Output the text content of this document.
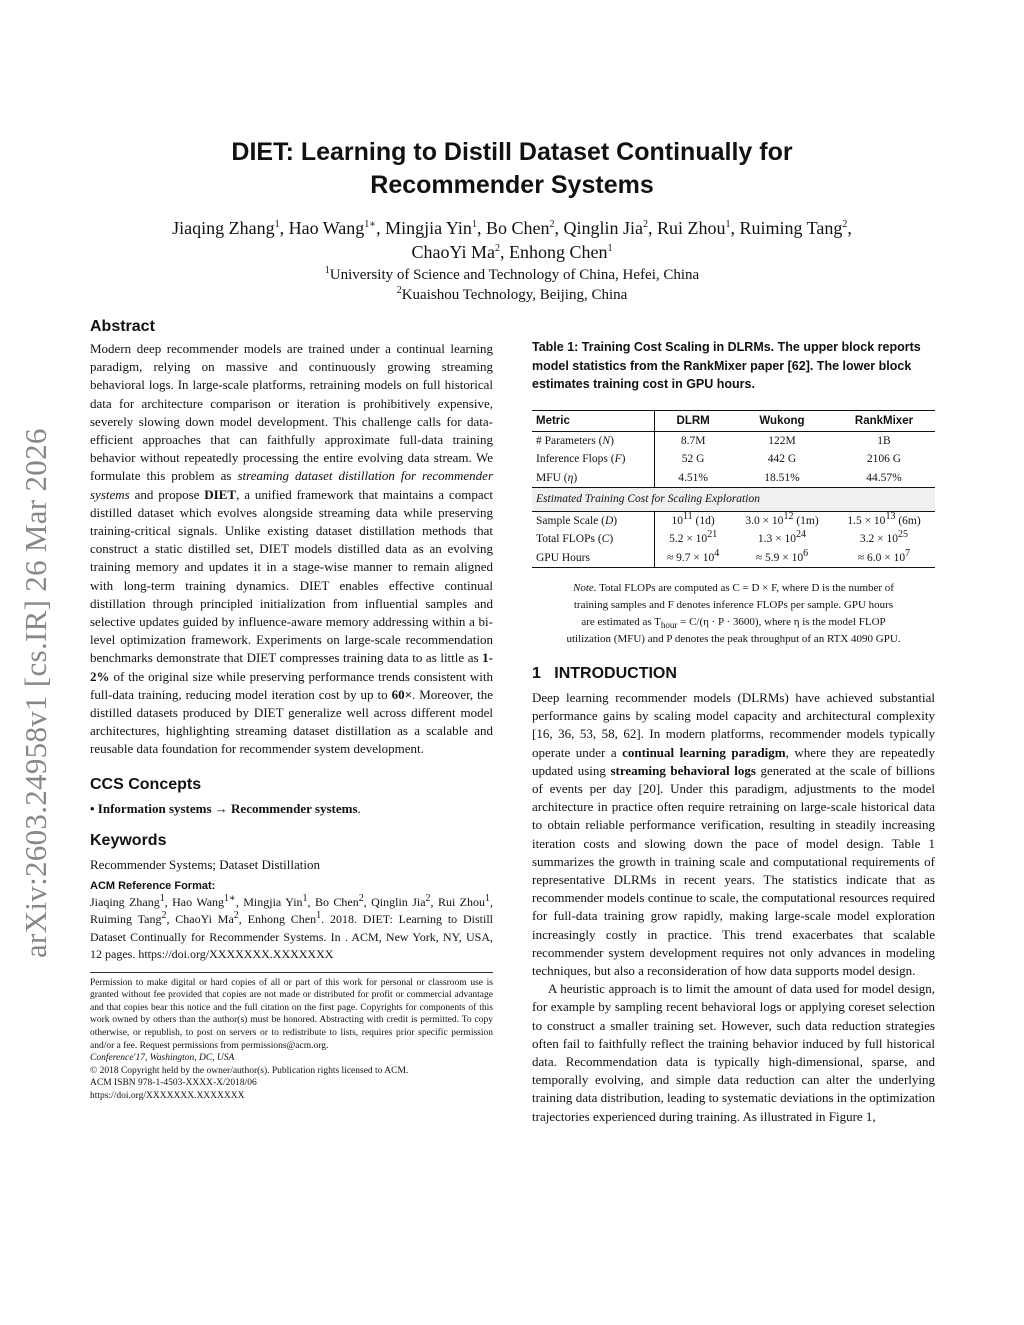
arXiv:2603.24958v1 [cs.IR] 26 Mar 2026
DIET: Learning to Distill Dataset Continually for
Recommender Systems
Jiaqing Zhang$^1$, Hao Wang$^{1∗}$, Mingjia Yin$^1$, Bo Chen$^2$, Qinglin Jia$^2$, Rui Zhou$^1$, Ruiming Tang$^2$,
ChaoYi Ma$^2$, Enhong Chen$^1$
$^1$University of Science and Technology of China, Hefei, China
$^2$Kuaishou Technology, Beijing, China
Abstract

Modern deep recommender models are trained under a continual learning paradigm, relying on massive and continuously growing streaming behavioral logs. In large-scale platforms, retraining models on full historical data for architecture comparison or iteration is prohibitively expensive, severely slowing down model development. This challenge calls for data-efficient approaches that can faithfully approximate full-data training behavior without repeatedly processing the entire evolving data stream. We formulate this problem as streaming dataset distillation for recommender systems and propose DIET, a unified framework that maintains a compact distilled dataset which evolves alongside streaming data while preserving training-critical signals. Unlike existing dataset distillation methods that construct a static distilled set, DIET models distilled data as an evolving training memory and updates it in a stage-wise manner to remain aligned with long-term training dynamics. DIET enables effective continual distillation through principled initialization from influential samples and selective updates guided by influence-aware memory addressing within a bi-level optimization framework. Experiments on large-scale recommendation benchmarks demonstrate that DIET compresses training data to as little as 1-2% of the original size while preserving performance trends consistent with full-data training, reducing model iteration cost by up to 60×. Moreover, the distilled datasets produced by DIET generalize well across different model architectures, highlighting streaming dataset distillation as a scalable and reusable data foundation for recommender system development.

CCS Concepts

• Information systems → Recommender systems.

Keywords

Recommender Systems; Dataset Distillation

ACM Reference Format:

Jiaqing Zhang$^1$, Hao Wang$^{1∗}$, Mingjia Yin$^1$, Bo Chen$^2$, Qinglin Jia$^2$, Rui Zhou$^1$, Ruiming Tang$^2$, ChaoYi Ma$^2$, Enhong Chen$^1$. 2018. DIET: Learning to Distill Dataset Continually for Recommender Systems. In . ACM, New York, NY, USA, 12 pages. https://doi.org/XXXXXXX.XXXXXXX

Permission to make digital or hard copies of all or part of this work for personal or classroom use is granted without fee provided that copies are not made or distributed for profit or commercial advantage and that copies bear this notice and the full citation on the first page. Copyrights for components of this work owned by others than the author(s) must be honored. Abstracting with credit is permitted. To copy otherwise, or republish, to post on servers or to redistribute to lists, requires prior specific permission and/or a fee. Request permissions from permissions@acm.org.

Conference'17, Washington, DC, USA
© 2018 Copyright held by the owner/author(s). Publication rights licensed to ACM.
ACM ISBN 978-1-4503-XXXX-X/2018/06
https://doi.org/XXXXXXX.XXXXXXX
Table 1: Training Cost Scaling in DLRMs. The upper block reports model statistics from the RankMixer paper [62]. The lower block estimates training cost in GPU hours.
Metric	DLRM	Wukong	RankMixer
# Parameters (N)	8.7M	122M	1B
Inference Flops (F)	52 G	442 G	2106 G
MFU (η)	4.51%	18.51%	44.57%
Estimated Training Cost for Scaling Exploration			
Sample Scale (D)	$10^{11}$ (1d)	$3.0 \times 10^{12}$ (1m)	$1.5 \times 10^{13}$ (6m)
Total FLOPs (C)	$5.2 \times 10^{21}$	$1.3 \times 10^{24}$	$3.2 \times 10^{25}$
GPU Hours	≈ $9.7 \times 10^4$	≈ $5.9 \times 10^6$	≈ $6.0 \times 10^7$
Note. Total FLOPs are computed as C = D × F, where D is the number of
training samples and F denotes inference FLOPs per sample. GPU hours
are estimated as $T_{hour} = C/(\eta \cdot P \cdot 3600)$, where η is the model FLOP
utilization (MFU) and P denotes the peak throughput of an RTX 4090 GPU.
1 INTRODUCTION

Deep learning recommender models (DLRMs) have achieved substantial performance gains by scaling model capacity and architectural complexity [16, 36, 53, 58, 62]. In modern platforms, recommender models typically operate under a continual learning paradigm, where they are repeatedly updated using streaming behavioral logs generated at the scale of billions of events per day [20]. Under this paradigm, adjustments to the model architecture in practice often require retraining on large-scale historical data to obtain reliable performance verification, resulting in steadily increasing iteration costs and slowing down the pace of model design. Table 1 summarizes the growth in training scale and computational requirements of representative DLRMs in recent years. The statistics indicate that as recommender models continue to scale, the computational resources required for full-data training grow rapidly, making large-scale model exploration increasingly costly in practice. This trend exacerbates that scalable recommender system development requires not only advances in modeling techniques, but also a reconsideration of how data supports model design.

A heuristic approach is to limit the amount of data used for model design, for example by sampling recent behavioral logs or applying coreset selection to construct a smaller training set. However, such data reduction strategies often fail to faithfully reflect the training behavior induced by full historical data. Recommendation data is typically high-dimensional, sparse, and temporally evolving, and simple data reduction can alter the underlying training data distribution, leading to systematic deviations in the optimization trajectories experienced during training. As illustrated in Figure 1,
